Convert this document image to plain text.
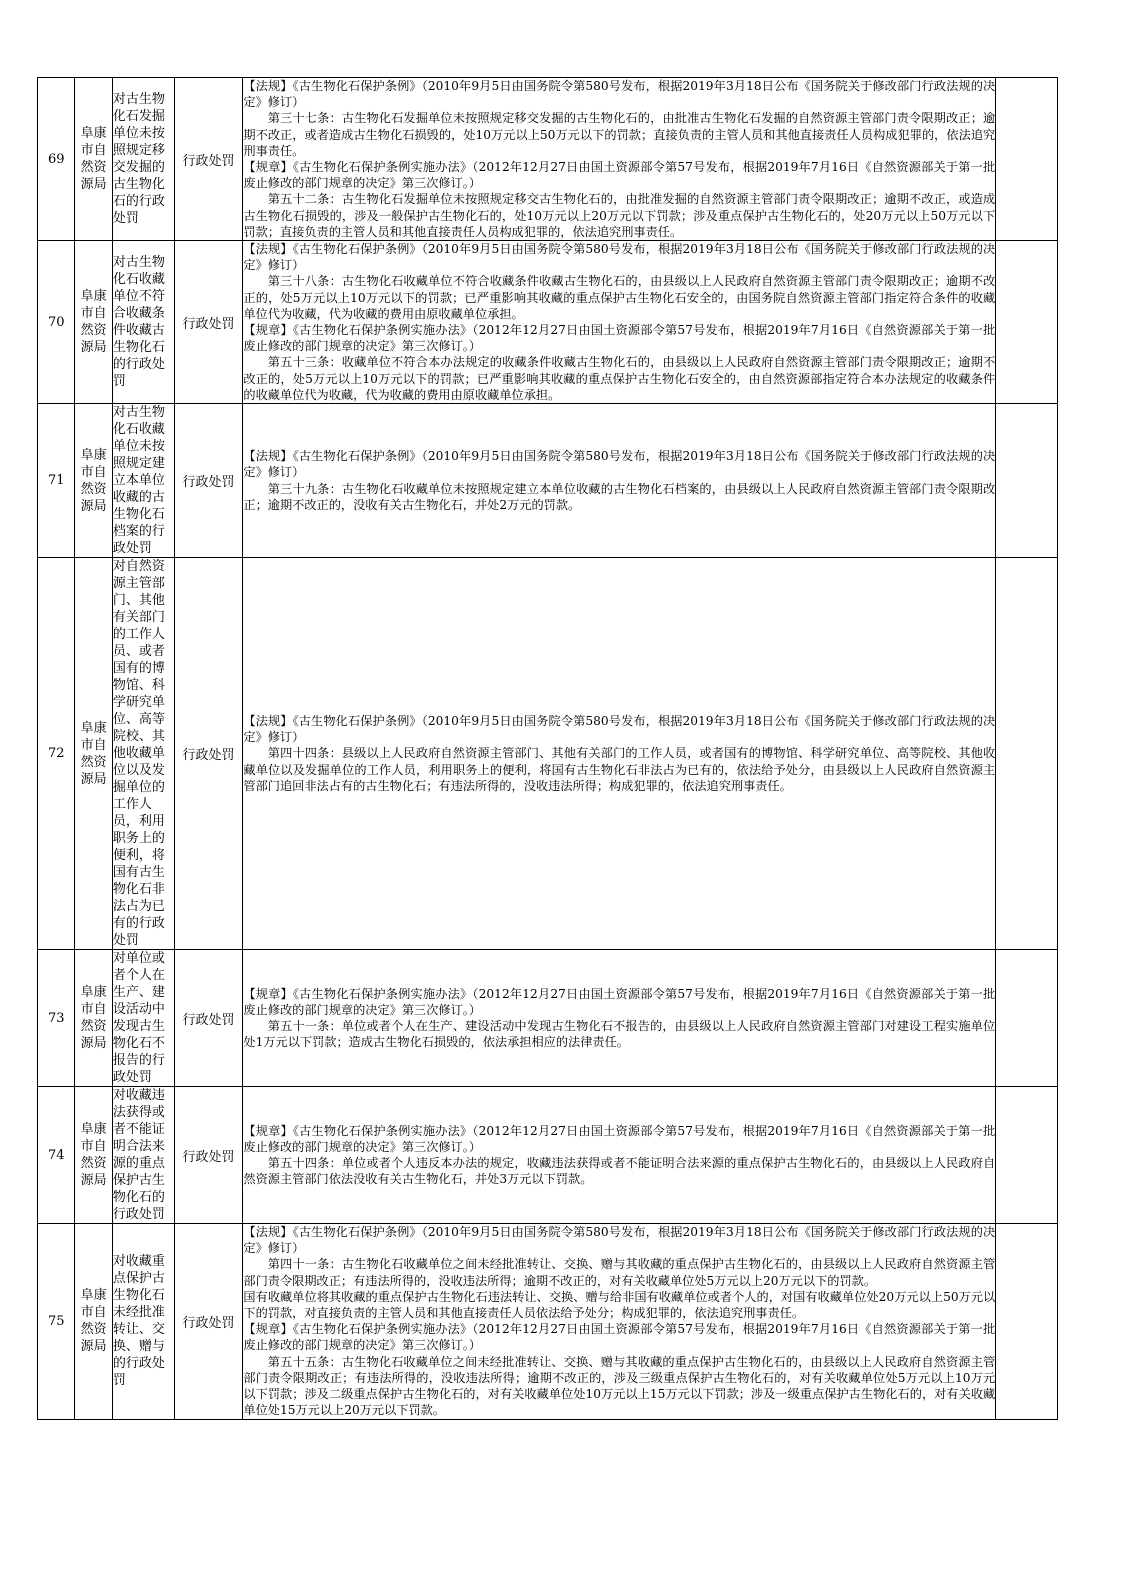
69	阜康市自然资源局	对古生物化石发掘单位未按照规定移交发掘的古生物化石的行政处罚	行政处罚	【法规】《古生物化石保护条例》（2010年9月5日由国务院令第580号发布，根据2019年3月18日公布《国务院关于修改部门行政法规的决定》修订）

第三十七条：古生物化石发掘单位未按照规定移交发掘的古生物化石的，由批准古生物化石发掘的自然资源主管部门责令限期改正；逾期不改正，或者造成古生物化石损毁的，处10万元以上50万元以下的罚款；直接负责的主管人员和其他直接责任人员构成犯罪的，依法追究刑事责任。

【规章】《古生物化石保护条例实施办法》（2012年12月27日由国土资源部令第57号发布，根据2019年7月16日《自然资源部关于第一批废止修改的部门规章的决定》第三次修订。）

第五十二条：古生物化石发掘单位未按照规定移交古生物化石的，由批准发掘的自然资源主管部门责令限期改正；逾期不改正，或造成古生物化石损毁的，涉及一般保护古生物化石的，处10万元以上20万元以下罚款；涉及重点保护古生物化石的，处20万元以上50万元以下罚款；直接负责的主管人员和其他直接责任人员构成犯罪的，依法追究刑事责任。	

70	阜康市自然资源局	对古生物化石收藏单位不符合收藏条件收藏古生物化石的行政处罚	行政处罚	【法规】《古生物化石保护条例》（2010年9月5日由国务院令第580号发布，根据2019年3月18日公布《国务院关于修改部门行政法规的决定》修订）

第三十八条：古生物化石收藏单位不符合收藏条件收藏古生物化石的，由县级以上人民政府自然资源主管部门责令限期改正；逾期不改正的，处5万元以上10万元以下的罚款；已严重影响其收藏的重点保护古生物化石安全的，由国务院自然资源主管部门指定符合条件的收藏单位代为收藏，代为收藏的费用由原收藏单位承担。

【规章】《古生物化石保护条例实施办法》（2012年12月27日由国土资源部令第57号发布，根据2019年7月16日《自然资源部关于第一批废止修改的部门规章的决定》第三次修订。）

第五十三条：收藏单位不符合本办法规定的收藏条件收藏古生物化石的，由县级以上人民政府自然资源主管部门责令限期改正；逾期不改正的，处5万元以上10万元以下的罚款；已严重影响其收藏的重点保护古生物化石安全的，由自然资源部指定符合本办法规定的收藏条件的收藏单位代为收藏，代为收藏的费用由原收藏单位承担。	

71	阜康市自然资源局	对古生物化石收藏单位未按照规定建立本单位收藏的古生物化石档案的行政处罚	行政处罚	【法规】《古生物化石保护条例》（2010年9月5日由国务院令第580号发布，根据2019年3月18日公布《国务院关于修改部门行政法规的决定》修订）

第三十九条：古生物化石收藏单位未按照规定建立本单位收藏的古生物化石档案的，由县级以上人民政府自然资源主管部门责令限期改正；逾期不改正的，没收有关古生物化石，并处2万元的罚款。	

72	阜康市自然资源局	对自然资源主管部门、其他有关部门的工作人员、或者国有的博物馆、科学研究单位、高等院校、其他收藏单位以及发掘单位的工作人员，利用职务上的便利，将国有古生物化石非法占为已有的行政处罚	行政处罚	【法规】《古生物化石保护条例》（2010年9月5日由国务院令第580号发布，根据2019年3月18日公布《国务院关于修改部门行政法规的决定》修订）

第四十四条：县级以上人民政府自然资源主管部门、其他有关部门的工作人员，或者国有的博物馆、科学研究单位、高等院校、其他收藏单位以及发掘单位的工作人员，利用职务上的便利，将国有古生物化石非法占为已有的，依法给予处分，由县级以上人民政府自然资源主管部门追回非法占有的古生物化石；有违法所得的，没收违法所得；构成犯罪的，依法追究刑事责任。	

73	阜康市自然资源局	对单位或者个人在生产、建设活动中发现古生物化石不报告的行政处罚	行政处罚	【规章】《古生物化石保护条例实施办法》（2012年12月27日由国土资源部令第57号发布，根据2019年7月16日《自然资源部关于第一批废止修改的部门规章的决定》第三次修订。）

第五十一条：单位或者个人在生产、建设活动中发现古生物化石不报告的，由县级以上人民政府自然资源主管部门对建设工程实施单位处1万元以下罚款；造成古生物化石损毁的，依法承担相应的法律责任。	

74	阜康市自然资源局	对收藏违法获得或者不能证明合法来源的重点保护古生物化石的行政处罚	行政处罚	【规章】《古生物化石保护条例实施办法》（2012年12月27日由国土资源部令第57号发布，根据2019年7月16日《自然资源部关于第一批废止修改的部门规章的决定》第三次修订。）

第五十四条：单位或者个人违反本办法的规定，收藏违法获得或者不能证明合法来源的重点保护古生物化石的，由县级以上人民政府自然资源主管部门依法没收有关古生物化石，并处3万元以下罚款。	

75	阜康市自然资源局	对收藏重点保护古生物化石未经批准转让、交换、赠与的行政处罚	行政处罚	【法规】《古生物化石保护条例》（2010年9月5日由国务院令第580号发布，根据2019年3月18日公布《国务院关于修改部门行政法规的决定》修订）

第四十一条：古生物化石收藏单位之间未经批准转让、交换、赠与其收藏的重点保护古生物化石的，由县级以上人民政府自然资源主管部门责令限期改正；有违法所得的，没收违法所得；逾期不改正的，对有关收藏单位处5万元以上20万元以下的罚款。

国有收藏单位将其收藏的重点保护古生物化石违法转让、交换、赠与给非国有收藏单位或者个人的，对国有收藏单位处20万元以上50万元以下的罚款，对直接负责的主管人员和其他直接责任人员依法给予处分；构成犯罪的，依法追究刑事责任。

【规章】《古生物化石保护条例实施办法》（2012年12月27日由国土资源部令第57号发布，根据2019年7月16日《自然资源部关于第一批废止修改的部门规章的决定》第三次修订。）

第五十五条：古生物化石收藏单位之间未经批准转让、交换、赠与其收藏的重点保护古生物化石的，由县级以上人民政府自然资源主管部门责令限期改正；有违法所得的，没收违法所得；逾期不改正的，涉及三级重点保护古生物化石的，对有关收藏单位处5万元以上10万元以下罚款；涉及二级重点保护古生物化石的，对有关收藏单位处10万元以上15万元以下罚款；涉及一级重点保护古生物化石的，对有关收藏单位处15万元以上20万元以下罚款。	
